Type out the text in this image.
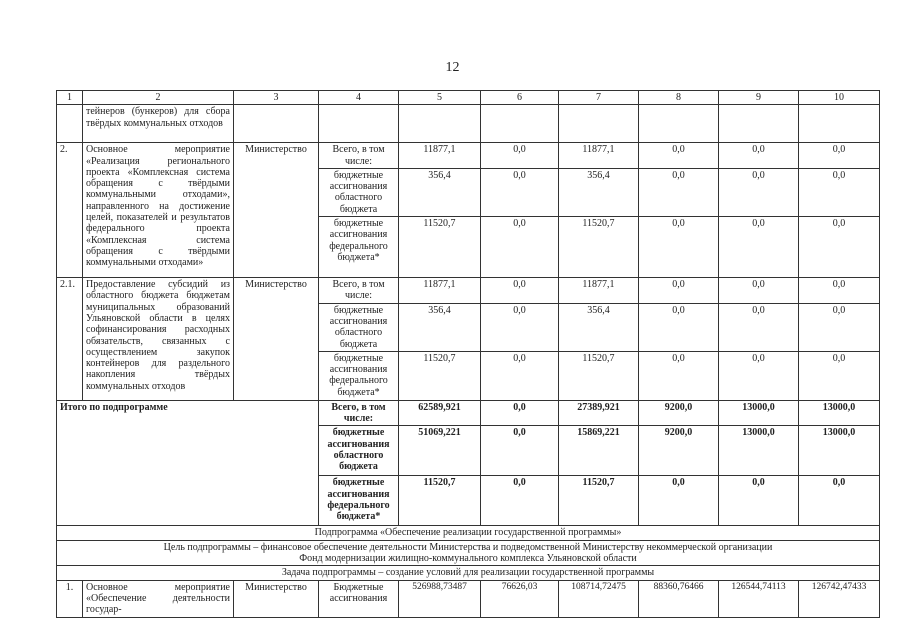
12
1	2	3	4	5	6	7	8	9	10
	тейнеров (бункеров) для сбора твёрдых коммунальных отходов								
2.	Основное мероприятие «Реализация регионального проекта «Комплексная система обращения с твёрдыми коммунальными отходами», направленного на достижение целей, показателей и результатов федерального проекта «Комплексная система обращения с твёрдыми коммунальными отходами»	Министерство	Всего, в том числе:	11877,1	0,0	11877,1	0,0	0,0	0,0
			бюджетные ассигнования областного бюджета	356,4	0,0	356,4	0,0	0,0	0,0
			бюджетные ассигнования федерального бюджета*	11520,7	0,0	11520,7	0,0	0,0	0,0
2.1.	Предоставление субсидий из областного бюджета бюджетам муниципальных образований Ульяновской области в целях софинансирования расходных обязательств, связанных с осуществлением закупок контейнеров для раздельного накопления твёрдых коммунальных отходов	Министерство	Всего, в том числе:	11877,1	0,0	11877,1	0,0	0,0	0,0
			бюджетные ассигнования областного бюджета	356,4	0,0	356,4	0,0	0,0	0,0
			бюджетные ассигнования федерального бюджета*	11520,7	0,0	11520,7	0,0	0,0	0,0
Итого по подпрограмме			Всего, в том числе:	62589,921	0,0	27389,921	9200,0	13000,0	13000,0
			бюджетные ассигнования областного бюджета	51069,221	0,0	15869,221	9200,0	13000,0	13000,0
			бюджетные ассигнования федерального бюджета*	11520,7	0,0	11520,7	0,0	0,0	0,0
Подпрограмма «Обеспечение реализации государственной программы»									

Цель подпрограммы – финансовое обеспечение деятельности Министерства и подведомственной Министерству некоммерческой организации
Фонд модернизации жилищно-коммунального комплекса Ульяновской области									

Задача подпрограммы – создание условий для реализации государственной программы									
1.	Основное мероприятие «Обеспечение деятельности государ-	Министерство	Бюджетные ассигнования	526988,73487	76626,03	108714,72475	88360,76466	126544,74113	126742,47433
